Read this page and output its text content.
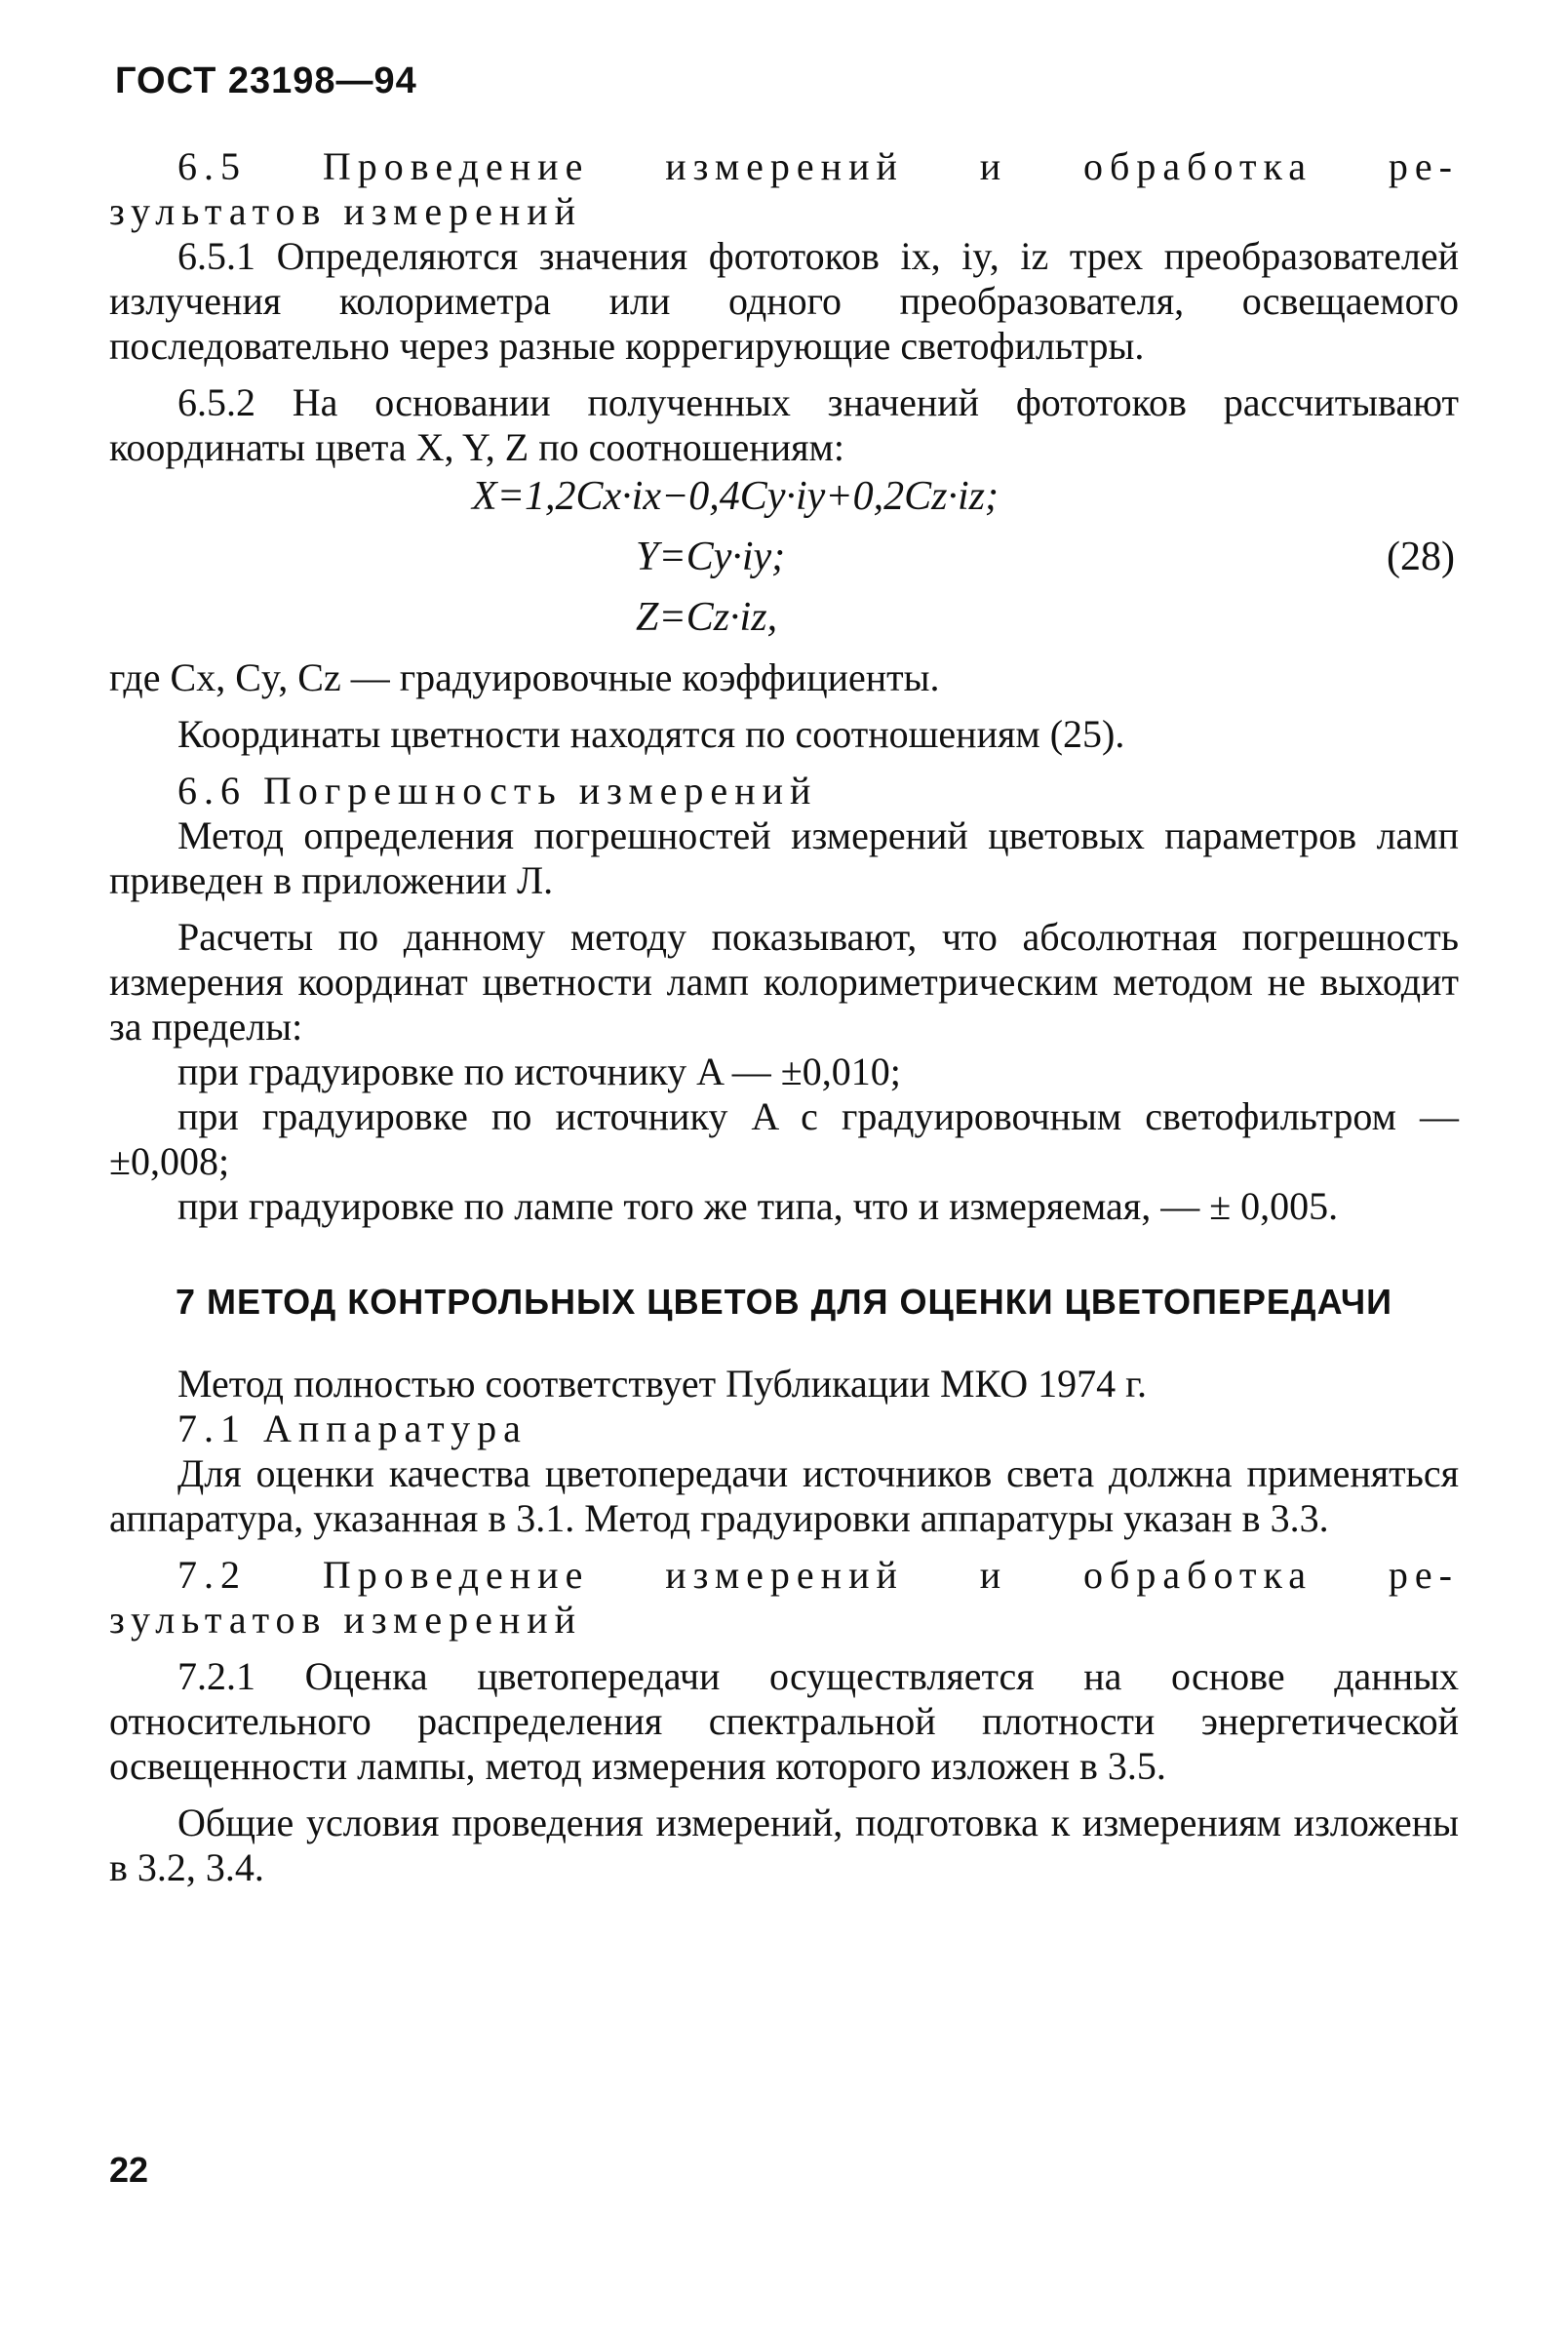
ГОСТ 23198—94

6.5 Проведение измерений и обработка ре-

зультатов измерений

6.5.1 Определяются значения фототоков ix, iy, iz трех преобразователей излучения колориметра или одного преобразователя, освещаемого последовательно через разные коррегирующие светофильтры.

6.5.2 На основании полученных значений фототоков рассчитывают координаты цвета X, Y, Z по соотношениям:

X=1,2Cx·ix−0,4Cy·iy+0,2Cz·iz;
Y=Cy·iy;
Z=Cz·iz,
(28)

где Cx, Cy, Cz — градуировочные коэффициенты.

Координаты цветности находятся по соотношениям (25).

6.6 Погрешность измерений

Метод определения погрешностей измерений цветовых параметров ламп приведен в приложении Л.

Расчеты по данному методу показывают, что абсолютная погрешность измерения координат цветности ламп колориметрическим методом не выходит за пределы:

при градуировке по источнику A — ±0,010;

при градуировке по источнику A с градуировочным светофильтром — ±0,008;

при градуировке по лампе того же типа, что и измеряемая, — ± 0,005.

7 МЕТОД КОНТРОЛЬНЫХ ЦВЕТОВ ДЛЯ ОЦЕНКИ ЦВЕТОПЕРЕДАЧИ

Метод полностью соответствует Публикации МКО 1974 г.

7.1 Аппаратура

Для оценки качества цветопередачи источников света должна применяться аппаратура, указанная в 3.1. Метод градуировки аппаратуры указан в 3.3.

7.2 Проведение измерений и обработка ре-

зультатов измерений

7.2.1 Оценка цветопередачи осуществляется на основе данных относительного распределения спектральной плотности энергетической освещенности лампы, метод измерения которого изложен в 3.5.

Общие условия проведения измерений, подготовка к измерениям изложены в 3.2, 3.4.

22
